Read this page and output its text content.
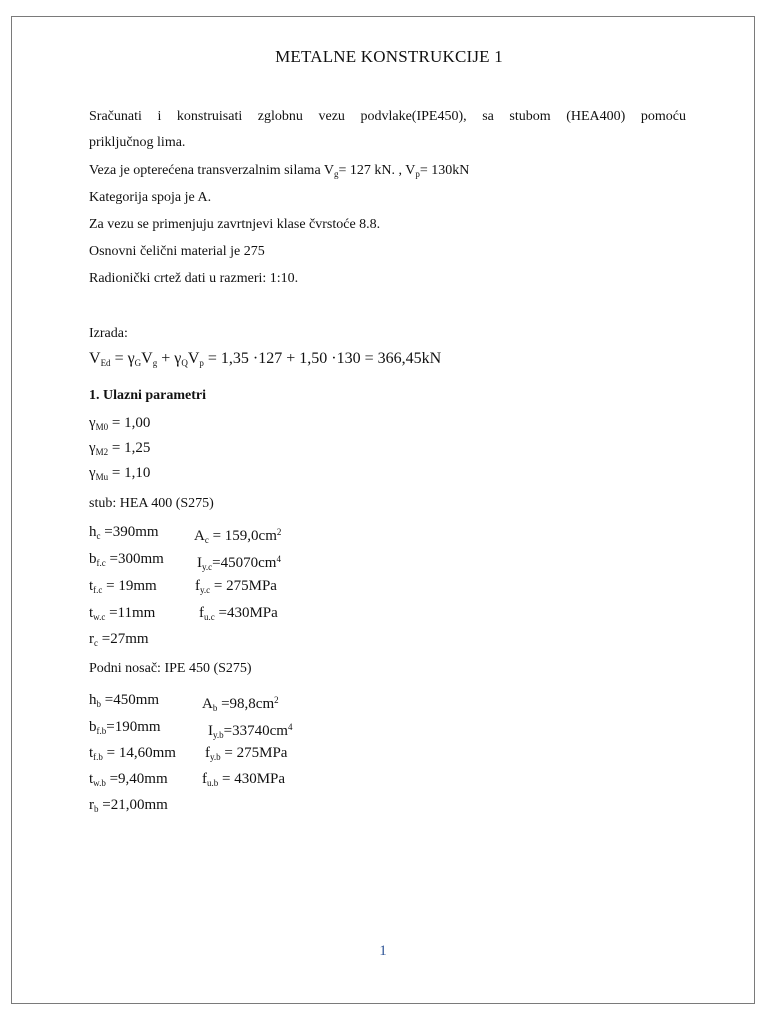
METALNE KONSTRUKCIJE 1
Sračunati i konstruisati zglobnu vezu podvlake(IPE450), sa stubom (HEA400) pomoću
priključnog lima.
Veza je opterećena transverzalnim silama $V_g= 127$ kN. , $V_p= 130kN$
Kategorija spoja je A.
Za vezu se primenjuju zavrtnjevi klase čvrstoće 8.8.
Osnovni čelični material je 275
Radionički crtež dati u razmeri: 1:10.
Izrada:
$V_{Ed} = \gamma_GV_g + \gamma_QV_p = 1,35 \cdot 127 + 1,50 \cdot 130 = 366,45kN$
1. Ulazni parametri
$\gamma_{M0} = 1,00$
$\gamma_{M2} = 1,25$
$\gamma_{Mu} = 1,10$
stub: HEA 400 (S275)
$h_c =390mm$ $A_c = 159,0cm^2$
$b_{f.c} =300mm$ $I_{y.c}=45070cm^4$
$t_{f.c} = 19mm$	$f_{y.c} = 275MPa$
$t_{w.c} =11mm$	$f_{u.c} =430MPa$
$r_c =27mm$
Podni nosač: IPE 450 (S275)
$h_b =450mm$	$A_b =98,8cm^2$
$b_{f.b}=190mm$	$I_{y.b}=33740cm^4$
$t_{f.b} = 14,60mm$ $f_{y.b} = 275MPa$
$t_{w.b} =9,40mm$ $f_{u.b} = 430MPa$
$r_b =21,00mm$
1
